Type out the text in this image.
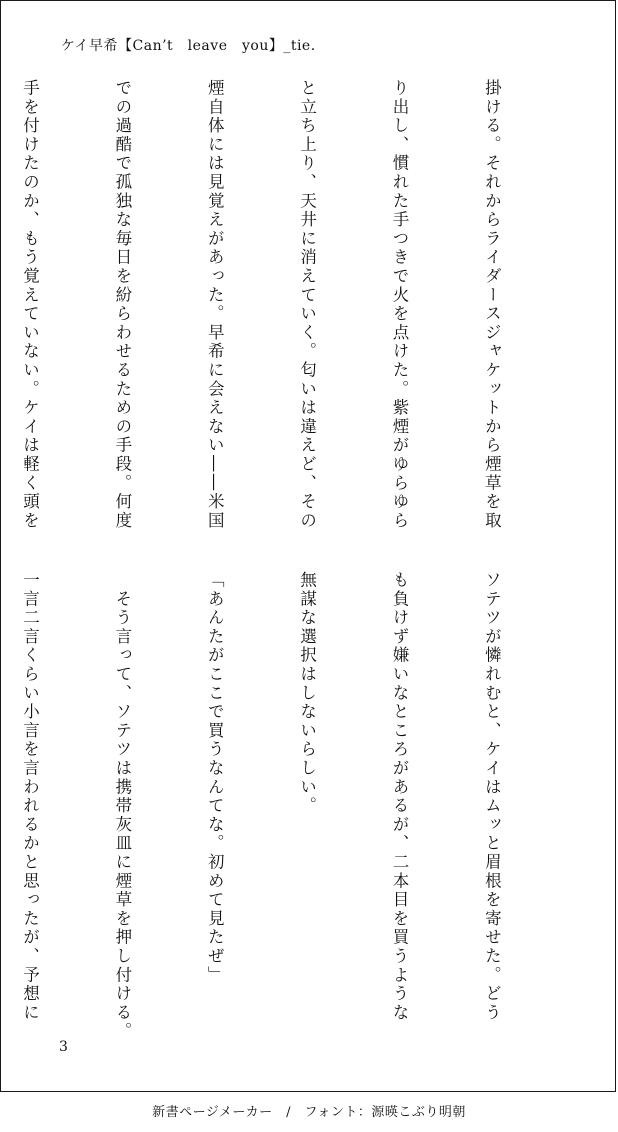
ケイ早希【Can’t　leave　you】_tie.

掛ける。それからライダースジャケットから煙草を取

り出し、慣れた手つきで火を点けた。紫煙がゆらゆら

と立ち上り、天井に消えていく。匂いは違えど、その

煙自体には見覚えがあった。早希に会えない――米国

での過酷で孤独な毎日を紛らわせるための手段。何度

手を付けたのか、もう覚えていない。ケイは軽く頭を

ソテツが憐れむと、ケイはムッと眉根を寄せた。どう

も負けず嫌いなところがあるが、二本目を買うような

無謀な選択はしないらしい。

「あんたがここで買うなんてな。初めて見たぜ」

　そう言って、ソテツは携帯灰皿に煙草を押し付ける。

一言二言くらい小言を言われるかと思ったが、予想に

3
新書ページメーカー　/　フォント：源暎こぶり明朝
